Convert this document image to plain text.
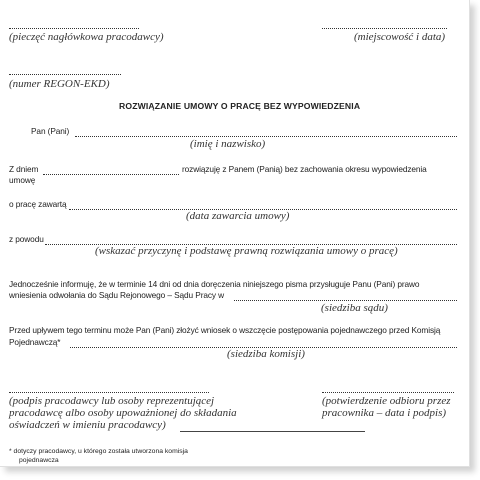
(pieczęć nagłówkowa pracodawcy)	(miejscowość i data)
(numer REGON-EKD)
ROZWIĄZANIE UMOWY O PRACĘ BEZ WYPOWIEDZENIA
Pan (Pani)
(imię i nazwisko)
Z dniem	rozwiązuję z Panem (Panią) bez zachowania okresu wypowiedzenia
umowę
o pracę zawartą
(data zawarcia umowy)
z powodu
(wskazać przyczynę i podstawę prawną rozwiązania umowy o pracę)
Jednocześnie informuję, że w terminie 14 dni od dnia doręczenia niniejszego pisma przysługuje Panu (Pani) prawo
wniesienia odwołania do Sądu Rejonowego – Sądu Pracy w
(siedziba sądu)
Przed upływem tego terminu może Pan (Pani) złożyć wniosek o wszczęcie postępowania pojednawczego przed Komisją
Pojednawczą*
(siedziba komisji)
(podpis pracodawcy lub osoby reprezentującej
pracodawcę albo osoby upoważnionej do składania
oświadczeń w imieniu pracodawcy)
(potwierdzenie odbioru przez
pracownika – data i podpis)
* dotyczy pracodawcy, u którego została utworzona komisja
pojednawcza
